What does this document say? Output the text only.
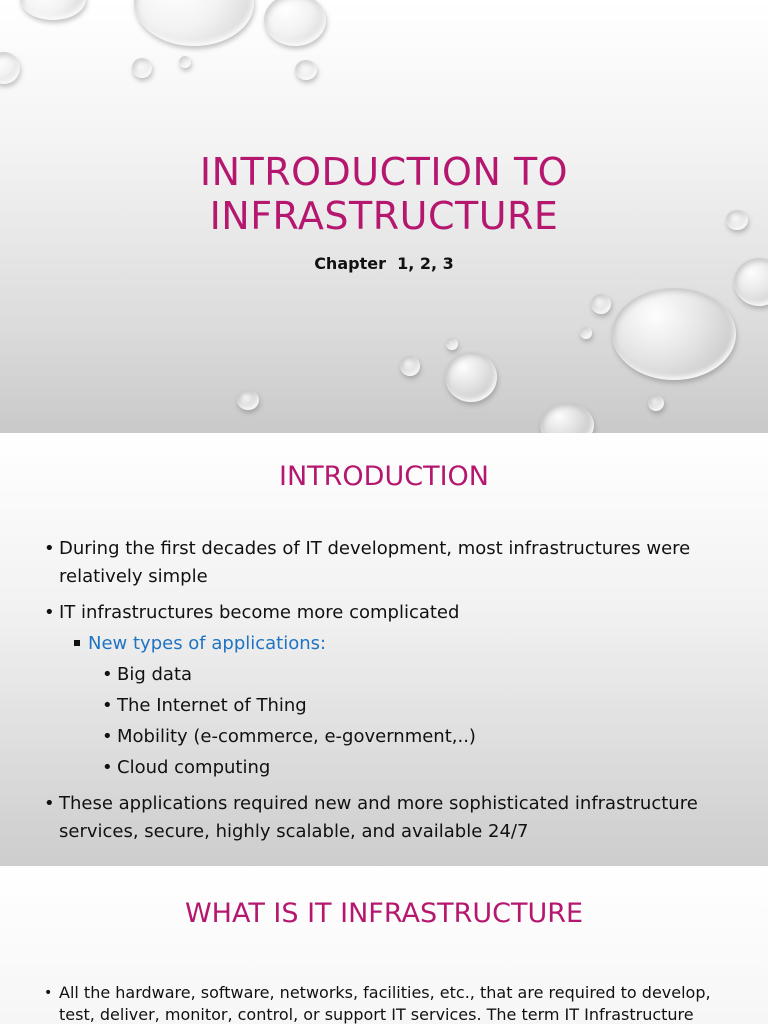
INTRODUCTION TO
INFRASTRUCTURE
Chapter  1, 2, 3
INTRODUCTION
• During the first decades of IT development, most infrastructures were relatively simple
• IT infrastructures become more complicated
New types of applications:
• Big data
• The Internet of Thing
• Mobility (e-commerce, e-government,..)
• Cloud computing
• These applications required new and more sophisticated infrastructure services, secure, highly scalable, and available 24/7
WHAT IS IT INFRASTRUCTURE
• All the hardware, software, networks, facilities, etc., that are required to develop, test, deliver, monitor, control, or support IT services. The term IT Infrastructure
